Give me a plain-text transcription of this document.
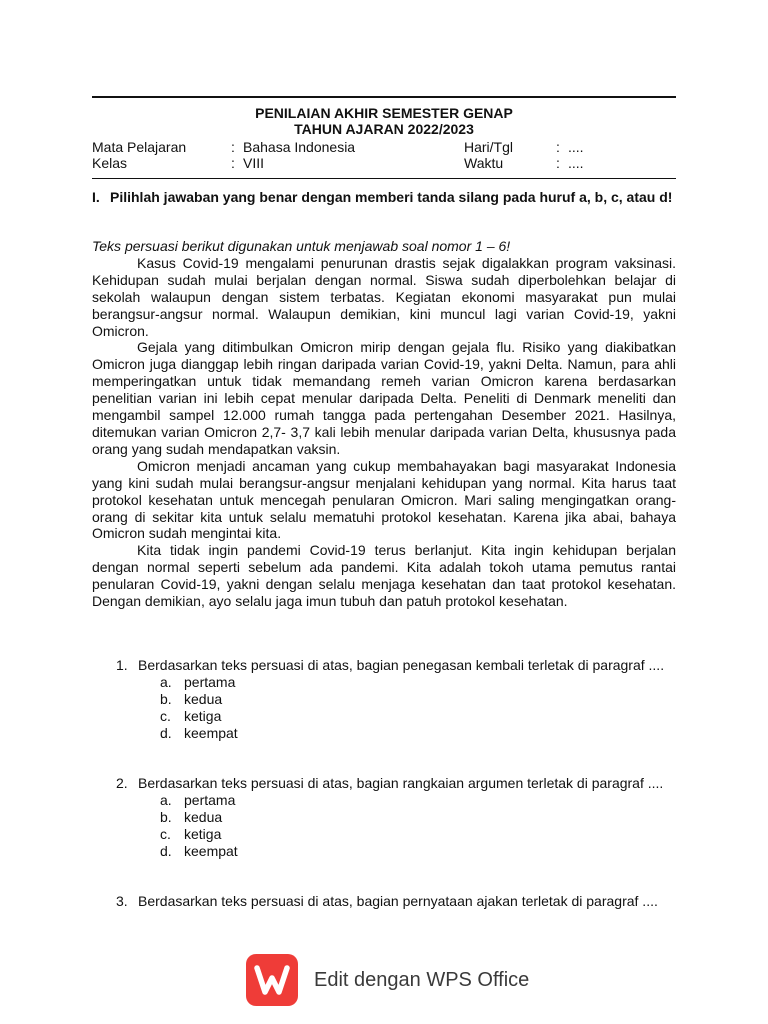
PENILAIAN AKHIR SEMESTER GENAP
TAHUN AJARAN 2022/2023
Mata Pelajaran	: Bahasa Indonesia	Hari/Tgl	: ....
Kelas	: VIII	Waktu	: ....
I. Pilihlah jawaban yang benar dengan memberi tanda silang pada huruf a, b, c, atau d!

Teks persuasi berikut digunakan untuk menjawab soal nomor 1 – 6!

Kasus Covid-19 mengalami penurunan drastis sejak digalakkan program vaksinasi. Kehidupan sudah mulai berjalan dengan normal. Siswa sudah diperbolehkan belajar di sekolah walaupun dengan sistem terbatas. Kegiatan ekonomi masyarakat pun mulai berangsur-angsur normal. Walaupun demikian, kini muncul lagi varian Covid-19, yakni Omicron.

Gejala yang ditimbulkan Omicron mirip dengan gejala flu. Risiko yang diakibatkan Omicron juga dianggap lebih ringan daripada varian Covid-19, yakni Delta. Namun, para ahli memperingatkan untuk tidak memandang remeh varian Omicron karena berdasarkan penelitian varian ini lebih cepat menular daripada Delta. Peneliti di Denmark meneliti dan mengambil sampel 12.000 rumah tangga pada pertengahan Desember 2021. Hasilnya, ditemukan varian Omicron 2,7- 3,7 kali lebih menular daripada varian Delta, khususnya pada orang yang sudah mendapatkan vaksin.

Omicron menjadi ancaman yang cukup membahayakan bagi masyarakat Indonesia yang kini sudah mulai berangsur-angsur menjalani kehidupan yang normal. Kita harus taat protokol kesehatan untuk mencegah penularan Omicron. Mari saling mengingatkan orang-orang di sekitar kita untuk selalu mematuhi protokol kesehatan. Karena jika abai, bahaya Omicron sudah mengintai kita.

Kita tidak ingin pandemi Covid-19 terus berlanjut. Kita ingin kehidupan berjalan dengan normal seperti sebelum ada pandemi. Kita adalah tokoh utama pemutus rantai penularan Covid-19, yakni dengan selalu menjaga kesehatan dan taat protokol kesehatan. Dengan demikian, ayo selalu jaga imun tubuh dan patuh protokol kesehatan.

1. Berdasarkan teks persuasi di atas, bagian penegasan kembali terletak di paragraf ....
a. pertama
b. kedua
c. ketiga
d. keempat
2. Berdasarkan teks persuasi di atas, bagian rangkaian argumen terletak di paragraf ....
a. pertama
b. kedua
c. ketiga
d. keempat
3. Berdasarkan teks persuasi di atas, bagian pernyataan ajakan terletak di paragraf ....
Edit dengan WPS Office
